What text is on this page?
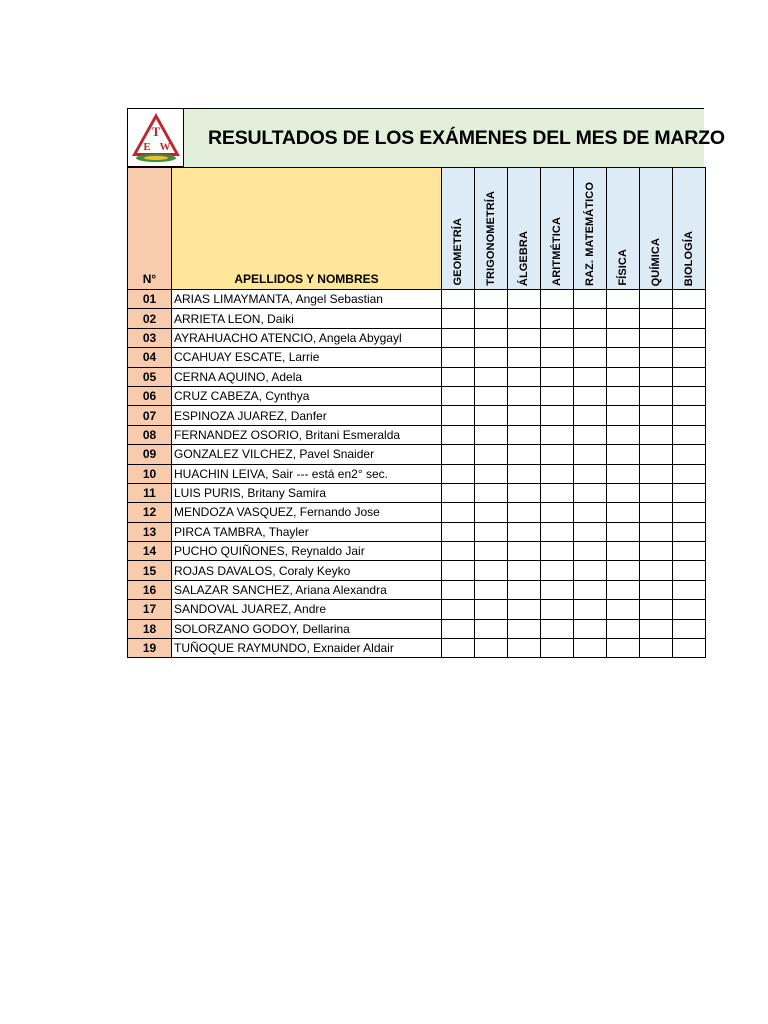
T
E W RESULTADOS DE LOS EXÁMENES DEL MES DE MARZO
N°	APELLIDOS Y NOMBRES	GEOMETRÍA	TRIGONOMETRÍA	ÁLGEBRA	ARITMÉTICA	RAZ. MATEMÁTICO	FÍSICA	QUÍMICA	BIOLOGÍA

01	ARIAS LIMAYMANTA, Angel Sebastian								
02	ARRIETA LEON, Daiki								
03	AYRAHUACHO ATENCIO, Angela Abygayl								
04	CCAHUAY ESCATE, Larrie								
05	CERNA AQUINO, Adela								
06	CRUZ CABEZA, Cynthya								
07	ESPINOZA JUAREZ, Danfer								
08	FERNANDEZ OSORIO, Britani Esmeralda								
09	GONZALEZ VILCHEZ, Pavel Snaider								
10	HUACHIN LEIVA, Sair --- está en2° sec.								
11	LUIS PURIS, Britany Samira								
12	MENDOZA VASQUEZ, Fernando Jose								
13	PIRCA TAMBRA, Thayler								
14	PUCHO QUIÑONES, Reynaldo Jair								
15	ROJAS DAVALOS, Coraly Keyko								
16	SALAZAR SANCHEZ, Ariana Alexandra								
17	SANDOVAL JUAREZ, Andre								
18	SOLORZANO GODOY, Dellarina								
19	TUÑOQUE RAYMUNDO, Exnaider Aldair								
